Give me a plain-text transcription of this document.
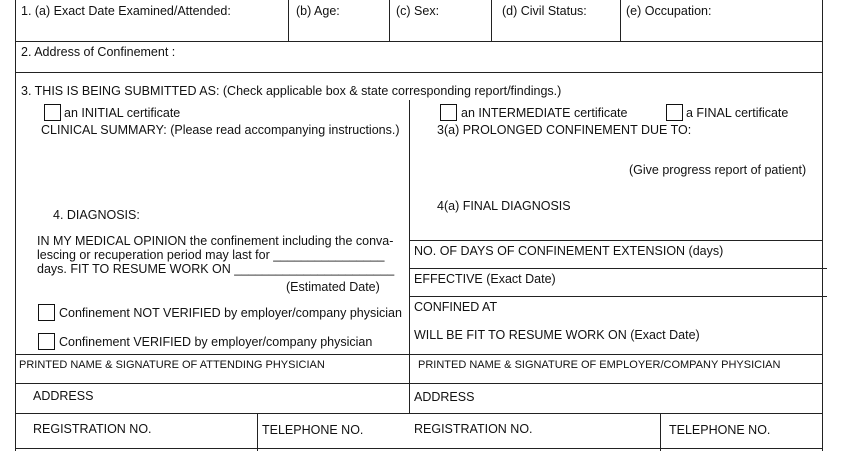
1. (a) Exact Date Examined/Attended:	(b) Age:	(c) Sex:	(d) Civil Status:	(e) Occupation:
2. Address of Confinement :
3. THIS IS BEING SUBMITTED AS: (Check applicable box & state corresponding report/findings.)
an INITIAL certificate	an INTERMEDIATE certificate	a FINAL certificate
CLINICAL SUMMARY: (Please read accompanying instructions.)	3(a) PROLONGED CONFINEMENT DUE TO:
(Give progress report of patient)
4. DIAGNOSIS:
4(a) FINAL DIAGNOSIS
IN MY MEDICAL OPINION the confinement including the conva-
lescing or recuperation period may last for ________________
days. FIT TO RESUME WORK ON _______________________
(Estimated Date)
NO. OF DAYS OF CONFINEMENT EXTENSION (days)
EFFECTIVE (Exact Date)
CONFINED AT
WILL BE FIT TO RESUME WORK ON (Exact Date)
Confinement NOT VERIFIED by employer/company physician
Confinement VERIFIED by employer/company physician
PRINTED NAME & SIGNATURE OF ATTENDING PHYSICIAN	PRINTED NAME & SIGNATURE OF EMPLOYER/COMPANY PHYSICIAN
ADDRESS	ADDRESS
REGISTRATION NO.	TELEPHONE NO.	REGISTRATION NO.	TELEPHONE NO.
